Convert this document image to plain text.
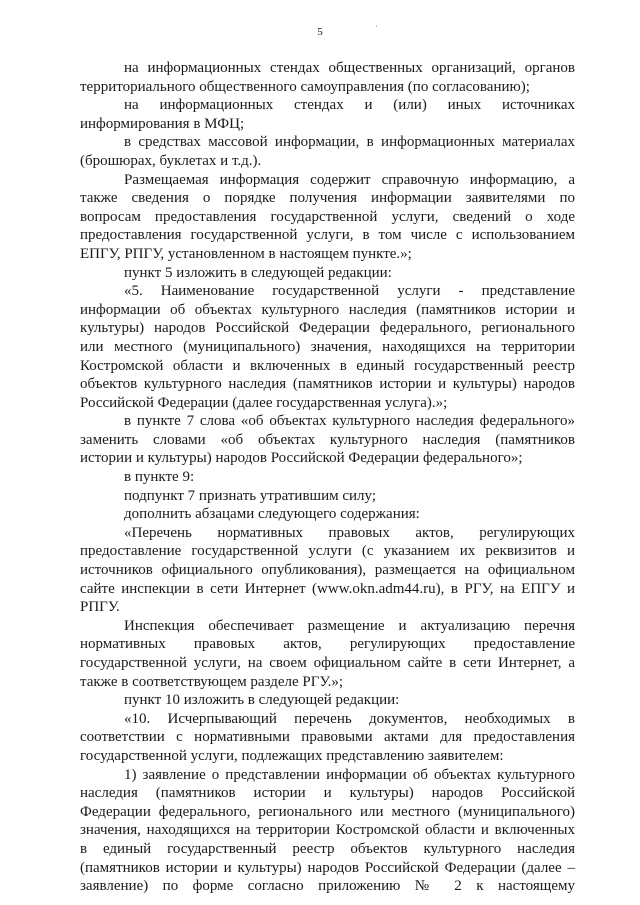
5	·
на информационных стендах общественных организаций, органов
территориального общественного самоуправления (по согласованию);
на информационных стендах и (или) иных источниках
информирования в МФЦ;
в средствах массовой информации, в информационных материалах
(брошюрах, буклетах и т.д.).
Размещаемая информация содержит справочную информацию, а
также сведения о порядке получения информации заявителями по
вопросам предоставления государственной услуги, сведений о ходе
предоставления государственной услуги, в том числе с использованием
ЕПГУ, РПГУ, установленном в настоящем пункте.»;
пункт 5 изложить в следующей редакции:
«5. Наименование государственной услуги - представление
информации об объектах культурного наследия (памятников истории и
культуры) народов Российской Федерации федерального, регионального
или местного (муниципального) значения, находящихся на территории
Костромской области и включенных в единый государственный реестр
объектов культурного наследия (памятников истории и культуры) народов
Российской Федерации (далее государственная услуга).»;
в пункте 7 слова «об объектах культурного наследия федерального»
заменить словами «об объектах культурного наследия (памятников
истории и культуры) народов Российской Федерации федерального»;
в пункте 9:
подпункт 7 признать утратившим силу;
дополнить абзацами следующего содержания:
«Перечень нормативных правовых актов, регулирующих
предоставление государственной услуги (с указанием их реквизитов и
источников официального опубликования), размещается на официальном
сайте инспекции в сети Интернет (www.okn.adm44.ru), в РГУ, на ЕПГУ и
РПГУ.
Инспекция обеспечивает размещение и актуализацию перечня
нормативных правовых актов, регулирующих предоставление
государственной услуги, на своем официальном сайте в сети Интернет, а
также в соответствующем разделе РГУ.»;
пункт 10 изложить в следующей редакции:
«10. Исчерпывающий перечень документов, необходимых в
соответствии с нормативными правовыми актами для предоставления
государственной услуги, подлежащих представлению заявителем:
1) заявление о представлении информации об объектах культурного
наследия (памятников истории и культуры) народов Российской
Федерации федерального, регионального или местного (муниципального)
значения, находящихся на территории Костромской области и включенных
в единый государственный реестр объектов культурного наследия
(памятников истории и культуры) народов Российской Федерации (далее –
заявление) по форме согласно приложению № 2 к настоящему
